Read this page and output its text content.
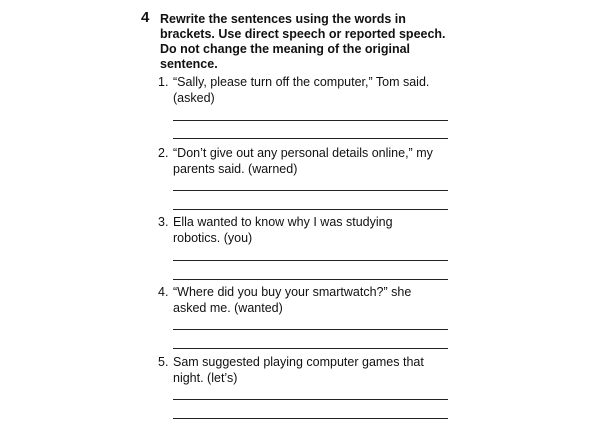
4 Rewrite the sentences using the words in
brackets. Use direct speech or reported speech.
Do not change the meaning of the original
sentence.
1. “Sally, please turn off the computer,” Tom said.
(asked)
2. “Don’t give out any personal details online,” my
parents said. (warned)
3. Ella wanted to know why I was studying
robotics. (you)
4. “Where did you buy your smartwatch?” she
asked me. (wanted)
5. Sam suggested playing computer games that
night. (let’s)
